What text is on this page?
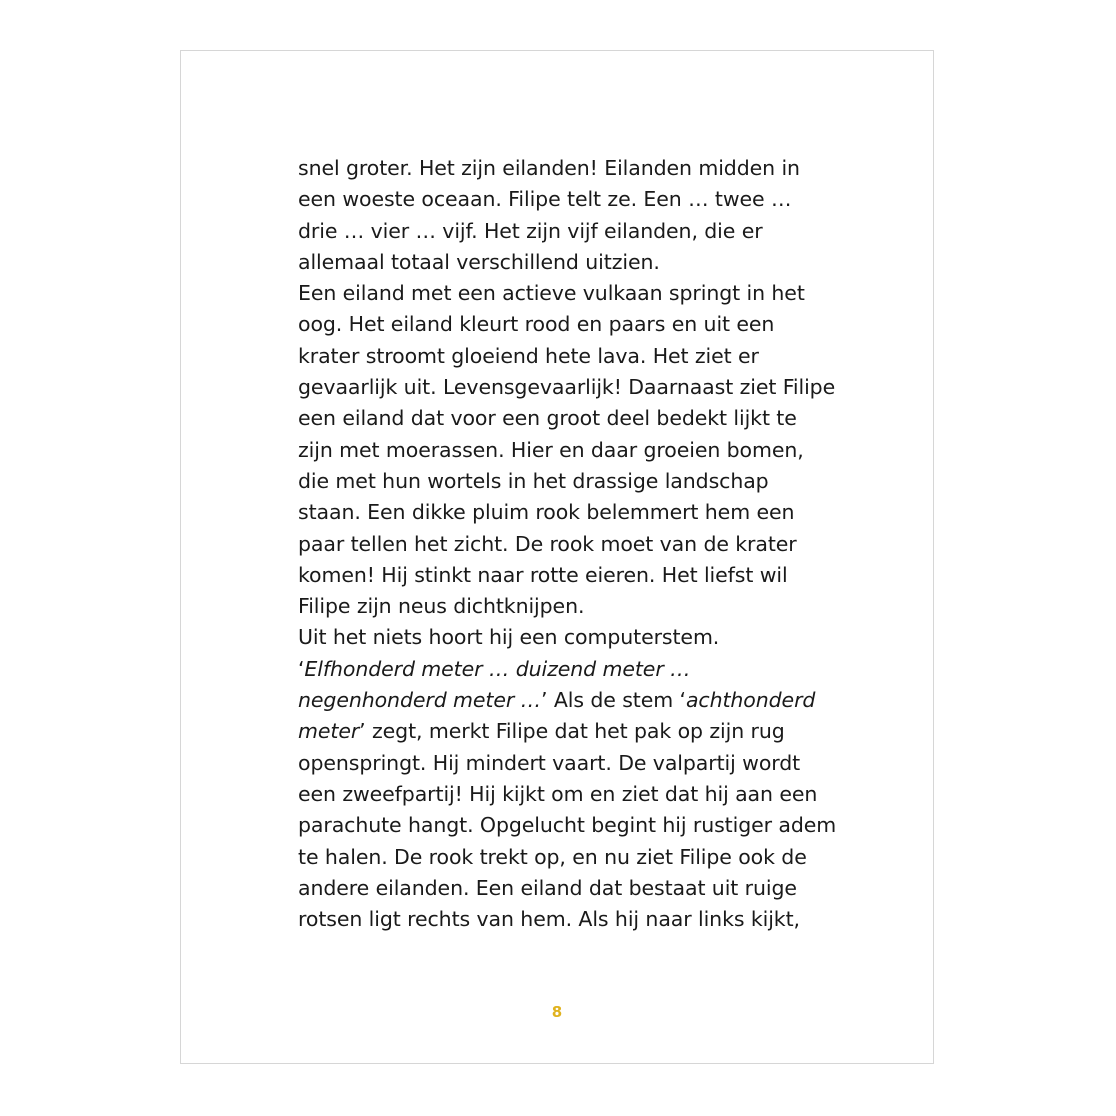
snel groter. Het zijn eilanden! Eilanden midden in
een woeste oceaan. Filipe telt ze. Een … twee …
drie … vier … vijf. Het zijn vijf eilanden, die er
allemaal totaal verschillend uitzien.
Een eiland met een actieve vulkaan springt in het
oog. Het eiland kleurt rood en paars en uit een
krater stroomt gloeiend hete lava. Het ziet er
gevaarlijk uit. Levensgevaarlijk! Daarnaast ziet Filipe
een eiland dat voor een groot deel bedekt lijkt te
zijn met moerassen. Hier en daar groeien bomen,
die met hun wortels in het drassige landschap
staan. Een dikke pluim rook belemmert hem een
paar tellen het zicht. De rook moet van de krater
komen! Hij stinkt naar rotte eieren. Het liefst wil
Filipe zijn neus dichtknijpen.
Uit het niets hoort hij een computerstem.
‘Elfhonderd meter … duizend meter …
negenhonderd meter …’ Als de stem ‘achthonderd
meter’ zegt, merkt Filipe dat het pak op zijn rug
openspringt. Hij mindert vaart. De valpartij wordt
een zweefpartij! Hij kijkt om en ziet dat hij aan een
parachute hangt. Opgelucht begint hij rustiger adem
te halen. De rook trekt op, en nu ziet Filipe ook de
andere eilanden. Een eiland dat bestaat uit ruige
rotsen ligt rechts van hem. Als hij naar links kijkt,
8
